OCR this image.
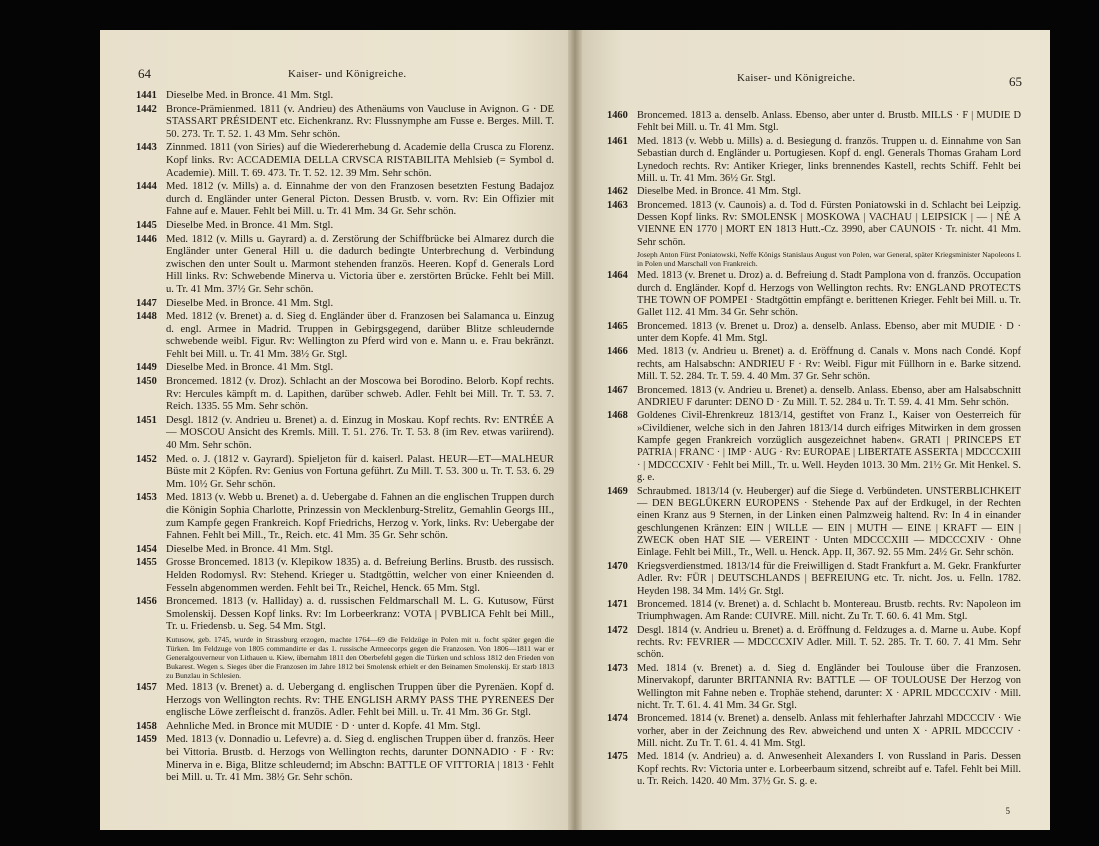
64	Kaiser- und Königreiche.
1441 Dieselbe Med. in Bronce. 41 Mm. Stgl.
1442 Bronce-Prämienmed. 1811 (v. Andrieu) des Athenäums von Vaucluse in Avignon. G · DE STASSART PRÉSIDENT etc. Eichenkranz. Rv: Flussnymphe am Fusse e. Berges. Mill. T. 50. 273. Tr. T. 52. 1. 43 Mm. Sehr schön.
1443 Zinnmed. 1811 (von Siries) auf die Wiedererhebung d. Academie della Crusca zu Florenz. Kopf links. Rv: ACCADEMIA DELLA CRVSCA RISTABILITA Mehlsieb (= Symbol d. Academie). Mill. T. 69. 473. Tr. T. 52. 12. 39 Mm. Sehr schön.
1444 Med. 1812 (v. Mills) a. d. Einnahme der von den Franzosen besetzten Festung Badajoz durch d. Engländer unter General Picton. Dessen Brustb. v. vorn. Rv: Ein Offizier mit Fahne auf e. Mauer. Fehlt bei Mill. u. Tr. 41 Mm. 34 Gr. Sehr schön.
1445 Dieselbe Med. in Bronce. 41 Mm. Stgl.
1446 Med. 1812 (v. Mills u. Gayrard) a. d. Zerstörung der Schiffbrücke bei Almarez durch die Engländer unter General Hill u. die dadurch bedingte Unterbrechung d. Verbindung zwischen den unter Soult u. Marmont stehenden französ. Heeren. Kopf d. Generals Lord Hill links. Rv: Schwebende Minerva u. Victoria über e. zerstörten Brücke. Fehlt bei Mill. u. Tr. 41 Mm. 37½ Gr. Sehr schön.
1447 Dieselbe Med. in Bronce. 41 Mm. Stgl.
1448 Med. 1812 (v. Brenet) a. d. Sieg d. Engländer über d. Franzosen bei Salamanca u. Einzug d. engl. Armee in Madrid. Truppen in Gebirgsgegend, darüber Blitze schleudernde schwebende weibl. Figur. Rv: Wellington zu Pferd wird von e. Mann u. e. Frau bekränzt. Fehlt bei Mill. u. Tr. 41 Mm. 38½ Gr. Stgl.
1449 Dieselbe Med. in Bronce. 41 Mm. Stgl.
1450 Broncemed. 1812 (v. Droz). Schlacht an der Moscowa bei Borodino. Belorb. Kopf rechts. Rv: Hercules kämpft m. d. Lapithen, darüber schweb. Adler. Fehlt bei Mill. Tr. T. 53. 7. Reich. 1335. 55 Mm. Sehr schön.
1451 Desgl. 1812 (v. Andrieu u. Brenet) a. d. Einzug in Moskau. Kopf rechts. Rv: ENTRÉE A — MOSCOU Ansicht des Kremls. Mill. T. 51. 276. Tr. T. 53. 8 (im Rev. etwas variirend). 40 Mm. Sehr schön.
1452 Med. o. J. (1812 v. Gayrard). Spieljeton für d. kaiserl. Palast. HEUR—ET—MALHEUR Büste mit 2 Köpfen. Rv: Genius von Fortuna geführt. Zu Mill. T. 53. 300 u. Tr. T. 53. 6. 29 Mm. 10½ Gr. Sehr schön.
1453 Med. 1813 (v. Webb u. Brenet) a. d. Uebergabe d. Fahnen an die englischen Truppen durch die Königin Sophia Charlotte, Prinzessin von Mecklenburg-Strelitz, Gemahlin Georgs III., zum Kampfe gegen Frankreich. Kopf Friedrichs, Herzog v. York, links. Rv: Uebergabe der Fahnen. Fehlt bei Mill., Tr., Reich. etc. 41 Mm. 35 Gr. Sehr schön.
1454 Dieselbe Med. in Bronce. 41 Mm. Stgl.
1455 Grosse Broncemed. 1813 (v. Klepikow 1835) a. d. Befreiung Berlins. Brustb. des russisch. Helden Rodomysl. Rv: Stehend. Krieger u. Stadtgöttin, welcher von einer Knieenden d. Fesseln abgenommen werden. Fehlt bei Tr., Reichel, Henck. 65 Mm. Stgl.
1456 Broncemed. 1813 (v. Halliday) a. d. russischen Feldmarschall M. L. G. Kutusow, Fürst Smolenskij. Dessen Kopf links. Rv: Im Lorbeerkranz: VOTA | PVBLICA Fehlt bei Mill., Tr. u. Friedensb. u. Seg. 54 Mm. Stgl.
Kutusow, geb. 1745, wurde in Strassburg erzogen, machte 1764—69 die Feldzüge in Polen mit u. focht später gegen die Türken. Im Feldzuge von 1805 commandirte er das 1. russische Armeecorps gegen die Franzosen. Von 1806—1811 war er Generalgouverneur von Lithauen u. Kiew, übernahm 1811 den Oberbefehl gegen die Türken und schloss 1812 den Frieden von Bukarest. Wegen s. Sieges über die Franzosen im Jahre 1812 bei Smolensk erhielt er den Beinamen Smolenskij. Er starb 1813 zu Bunzlau in Schlesien.
1457 Med. 1813 (v. Brenet) a. d. Uebergang d. englischen Truppen über die Pyrenäen. Kopf d. Herzogs von Wellington rechts. Rv: THE ENGLISH ARMY PASS THE PYRENEES Der englische Löwe zerfleischt d. französ. Adler. Fehlt bei Mill. u. Tr. 41 Mm. 36 Gr. Stgl.
1458 Aehnliche Med. in Bronce mit MUDIE · D · unter d. Kopfe. 41 Mm. Stgl.
1459 Med. 1813 (v. Donnadio u. Lefevre) a. d. Sieg d. englischen Truppen über d. französ. Heer bei Vittoria. Brustb. d. Herzogs von Wellington rechts, darunter DONNADIO · F · Rv: Minerva in e. Biga, Blitze schleudernd; im Abschn: BATTLE OF VITTORIA | 1813 · Fehlt bei Mill. u. Tr. 41 Mm. 38½ Gr. Sehr schön.
Kaiser- und Königreiche.	65
1460 Broncemed. 1813 a. denselb. Anlass. Ebenso, aber unter d. Brustb. MILLS · F | MUDIE D Fehlt bei Mill. u. Tr. 41 Mm. Stgl.
1461 Med. 1813 (v. Webb u. Mills) a. d. Besiegung d. französ. Truppen u. d. Einnahme von San Sebastian durch d. Engländer u. Portugiesen. Kopf d. engl. Generals Thomas Graham Lord Lynedoch rechts. Rv: Antiker Krieger, links brennendes Kastell, rechts Schiff. Fehlt bei Mill. u. Tr. 41 Mm. 36½ Gr. Stgl.
1462 Dieselbe Med. in Bronce. 41 Mm. Stgl.
1463 Broncemed. 1813 (v. Caunois) a. d. Tod d. Fürsten Poniatowski in d. Schlacht bei Leipzig. Dessen Kopf links. Rv: SMOLENSK | MOSKOWA | VACHAU | LEIPSICK | — | NÉ A VIENNE EN 1770 | MORT EN 1813 Hutt.-Cz. 3990, aber CAUNOIS · Tr. nicht. 41 Mm. Sehr schön.
Joseph Anton Fürst Poniatowski, Neffe Königs Stanislaus August von Polen, war General, später Kriegsminister Napoleons I. in Polen und Marschall von Frankreich.
1464 Med. 1813 (v. Brenet u. Droz) a. d. Befreiung d. Stadt Pamplona von d. französ. Occupation durch d. Engländer. Kopf d. Herzogs von Wellington rechts. Rv: ENGLAND PROTECTS THE TOWN OF POMPEI · Stadtgöttin empfängt e. berittenen Krieger. Fehlt bei Mill. u. Tr. Gallet 112. 41 Mm. 34 Gr. Sehr schön.
1465 Broncemed. 1813 (v. Brenet u. Droz) a. denselb. Anlass. Ebenso, aber mit MUDIE · D · unter dem Kopfe. 41 Mm. Stgl.
1466 Med. 1813 (v. Andrieu u. Brenet) a. d. Eröffnung d. Canals v. Mons nach Condé. Kopf rechts, am Halsabschn: ANDRIEU F · Rv: Weibl. Figur mit Füllhorn in e. Barke sitzend. Mill. T. 52. 284. Tr. T. 59. 4. 40 Mm. 37 Gr. Sehr schön.
1467 Broncemed. 1813 (v. Andrieu u. Brenet) a. denselb. Anlass. Ebenso, aber am Halsabschnitt ANDRIEU F darunter: DENO D · Zu Mill. T. 52. 284 u. Tr. T. 59. 4. 41 Mm. Sehr schön.
1468 Goldenes Civil-Ehrenkreuz 1813/14, gestiftet von Franz I., Kaiser von Oesterreich für »Civildiener, welche sich in den Jahren 1813/14 durch eifriges Mitwirken in dem grossen Kampfe gegen Frankreich vorzüglich ausgezeichnet haben«. GRATI | PRINCEPS ET PATRIA | FRANC · | IMP · AUG · Rv: EUROPAE | LIBERTATE ASSERTA | MDCCCXIII · | MDCCCXIV · Fehlt bei Mill., Tr. u. Well. Heyden 1013. 30 Mm. 21½ Gr. Mit Henkel. S. g. e.
1469 Schraubmed. 1813/14 (v. Heuberger) auf die Siege d. Verbündeten. UNSTERBLICHKEIT — DEN BEGLÜKERN EUROPENS · Stehende Pax auf der Erdkugel, in der Rechten einen Kranz aus 9 Sternen, in der Linken einen Palmzweig haltend. Rv: In 4 in einander geschlungenen Kränzen: EIN | WILLE — EIN | MUTH — EINE | KRAFT — EIN | ZWECK oben HAT SIE — VEREINT · Unten MDCCCXIII — MDCCCXIV · Ohne Einlage. Fehlt bei Mill., Tr., Well. u. Henck. App. II, 367. 92. 55 Mm. 24½ Gr. Sehr schön.
1470 Kriegsverdienstmed. 1813/14 für die Freiwilligen d. Stadt Frankfurt a. M. Gekr. Frankfurter Adler. Rv: FÜR | DEUTSCHLANDS | BEFREIUNG etc. Tr. nicht. Jos. u. Felln. 1782. Heyden 198. 34 Mm. 14½ Gr. Stgl.
1471 Broncemed. 1814 (v. Brenet) a. d. Schlacht b. Montereau. Brustb. rechts. Rv: Napoleon im Triumphwagen. Am Rande: CUIVRE. Mill. nicht. Zu Tr. T. 60. 6. 41 Mm. Stgl.
1472 Desgl. 1814 (v. Andrieu u. Brenet) a. d. Eröffnung d. Feldzuges a. d. Marne u. Aube. Kopf rechts. Rv: FEVRIER — MDCCCXIV Adler. Mill. T. 52. 285. Tr. T. 60. 7. 41 Mm. Sehr schön.
1473 Med. 1814 (v. Brenet) a. d. Sieg d. Engländer bei Toulouse über die Franzosen. Minervakopf, darunter BRITANNIA Rv: BATTLE — OF TOULOUSE Der Herzog von Wellington mit Fahne neben e. Trophäe stehend, darunter: X · APRIL MDCCCXIV · Mill. nicht. Tr. T. 61. 4. 41 Mm. 34 Gr. Stgl.
1474 Broncemed. 1814 (v. Brenet) a. denselb. Anlass mit fehlerhafter Jahrzahl MDCCCIV · Wie vorher, aber in der Zeichnung des Rev. abweichend und unten X · APRIL MDCCCIV · Mill. nicht. Zu Tr. T. 61. 4. 41 Mm. Stgl.
1475 Med. 1814 (v. Andrieu) a. d. Anwesenheit Alexanders I. von Russland in Paris. Dessen Kopf rechts. Rv: Victoria unter e. Lorbeerbaum sitzend, schreibt auf e. Tafel. Fehlt bei Mill. u. Tr. Reich. 1420. 40 Mm. 37½ Gr. S. g. e.
5
